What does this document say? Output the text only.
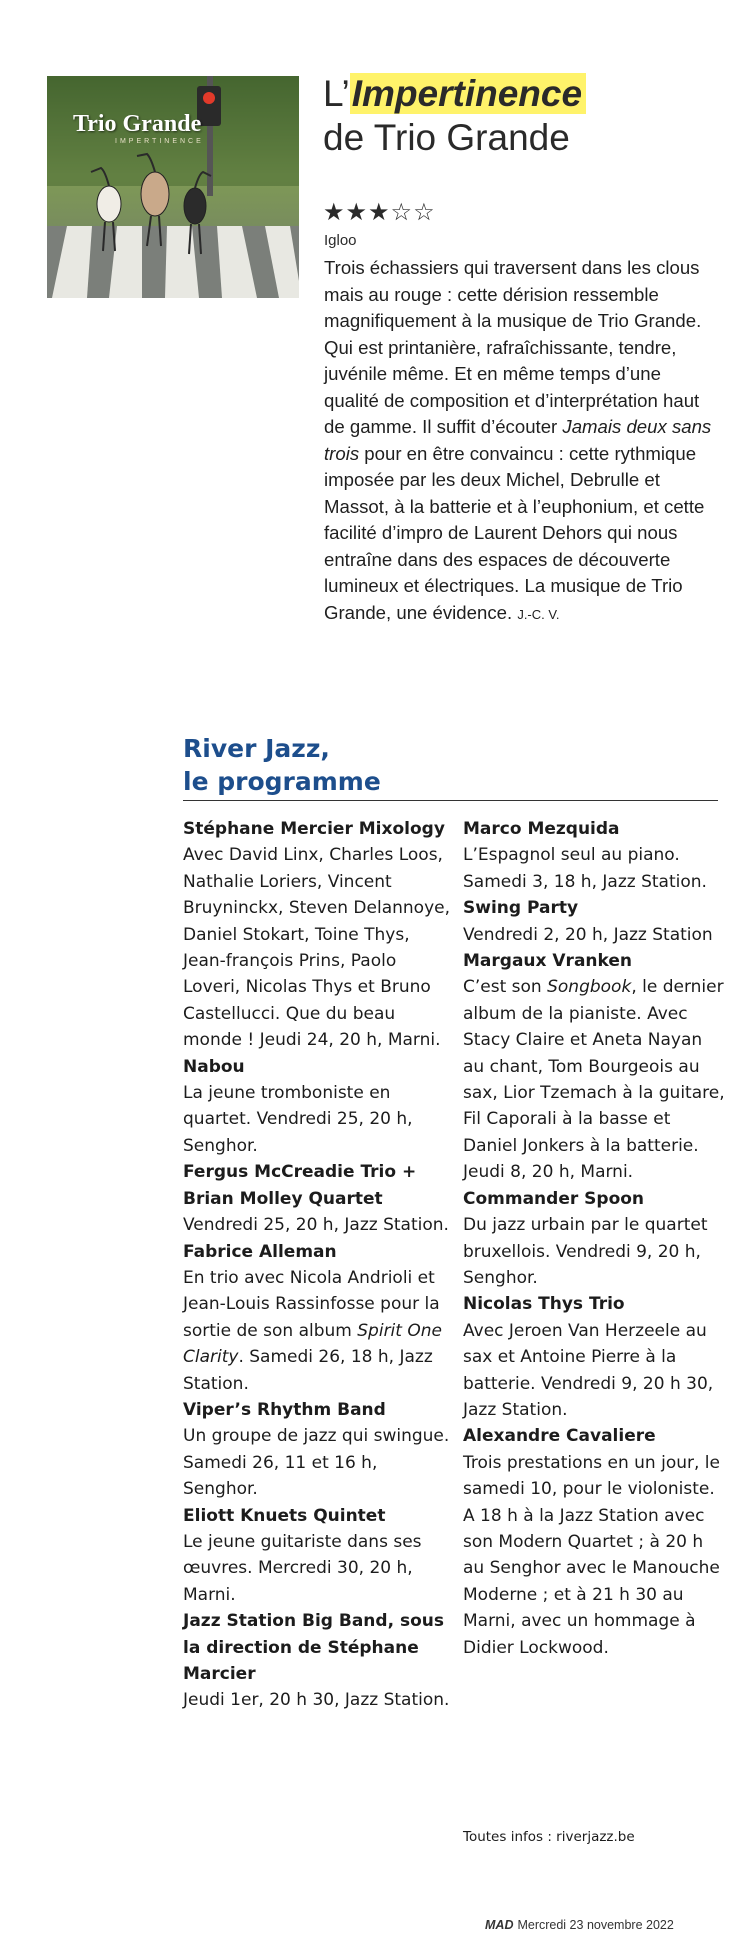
Trio Grande

IMPERTINENCE
L’Impertinence
de Trio Grande
★★★☆☆
Igloo

Trois échassiers qui traversent dans les clous mais au rouge : cette dérision ressemble magnifiquement à la musique de Trio Grande. Qui est printanière, rafraîchissante, tendre, juvénile même. Et en même temps d’une qualité de composition et d’interprétation haut de gamme. Il suffit d’écouter Jamais deux sans trois pour en être convaincu : cette rythmique imposée par les deux Michel, Debrulle et Massot, à la batterie et à l’euphonium, et cette facilité d’impro de Laurent Dehors qui nous entraîne dans des espaces de découverte lumineux et électriques. La musique de Trio Grande, une évidence. J.-C. V.

River Jazz,
le programme
Stéphane Mercier Mixology
Avec David Linx, Charles Loos, Nathalie Loriers, Vincent Bruyninckx, Steven Delannoye, Daniel Stokart, Toine Thys, Jean-françois Prins, Paolo Loveri, Nicolas Thys et Bruno Castellucci. Que du beau monde ! Jeudi 24, 20 h, Marni.
Nabou
La jeune tromboniste en quartet. Vendredi 25, 20 h, Senghor.
Fergus McCreadie Trio + Brian Molley Quartet
Vendredi 25, 20 h, Jazz Station.
Fabrice Alleman
En trio avec Nicola Andrioli et Jean-Louis Rassinfosse pour la sortie de son album Spirit One Clarity. Samedi 26, 18 h, Jazz Station.
Viper’s Rhythm Band
Un groupe de jazz qui swingue. Samedi 26, 11 et 16 h, Senghor.
Eliott Knuets Quintet
Le jeune guitariste dans ses œuvres. Mercredi 30, 20 h, Marni.
Jazz Station Big Band, sous la direction de Stéphane Marcier
Jeudi 1er, 20 h 30, Jazz Station.
Marco Mezquida
L’Espagnol seul au piano. Samedi 3, 18 h, Jazz Station.
Swing Party
Vendredi 2, 20 h, Jazz Station
Margaux Vranken
C’est son Songbook, le dernier album de la pianiste. Avec Stacy Claire et Aneta Nayan au chant, Tom Bourgeois au sax, Lior Tzemach à la guitare, Fil Caporali à la basse et Daniel Jonkers à la batterie. Jeudi 8, 20 h, Marni.
Commander Spoon
Du jazz urbain par le quartet bruxellois. Vendredi 9, 20 h, Senghor.
Nicolas Thys Trio
Avec Jeroen Van Herzeele au sax et Antoine Pierre à la batterie. Vendredi 9, 20 h 30, Jazz Station.
Alexandre Cavaliere
Trois prestations en un jour, le samedi 10, pour le violoniste. A 18 h à la Jazz Station avec son Modern Quartet ; à 20 h au Senghor avec le Manouche Moderne ; et à 21 h 30 au Marni, avec un hommage à Didier Lockwood.
Toutes infos : riverjazz.be
MAD Mercredi 23 novembre 2022
